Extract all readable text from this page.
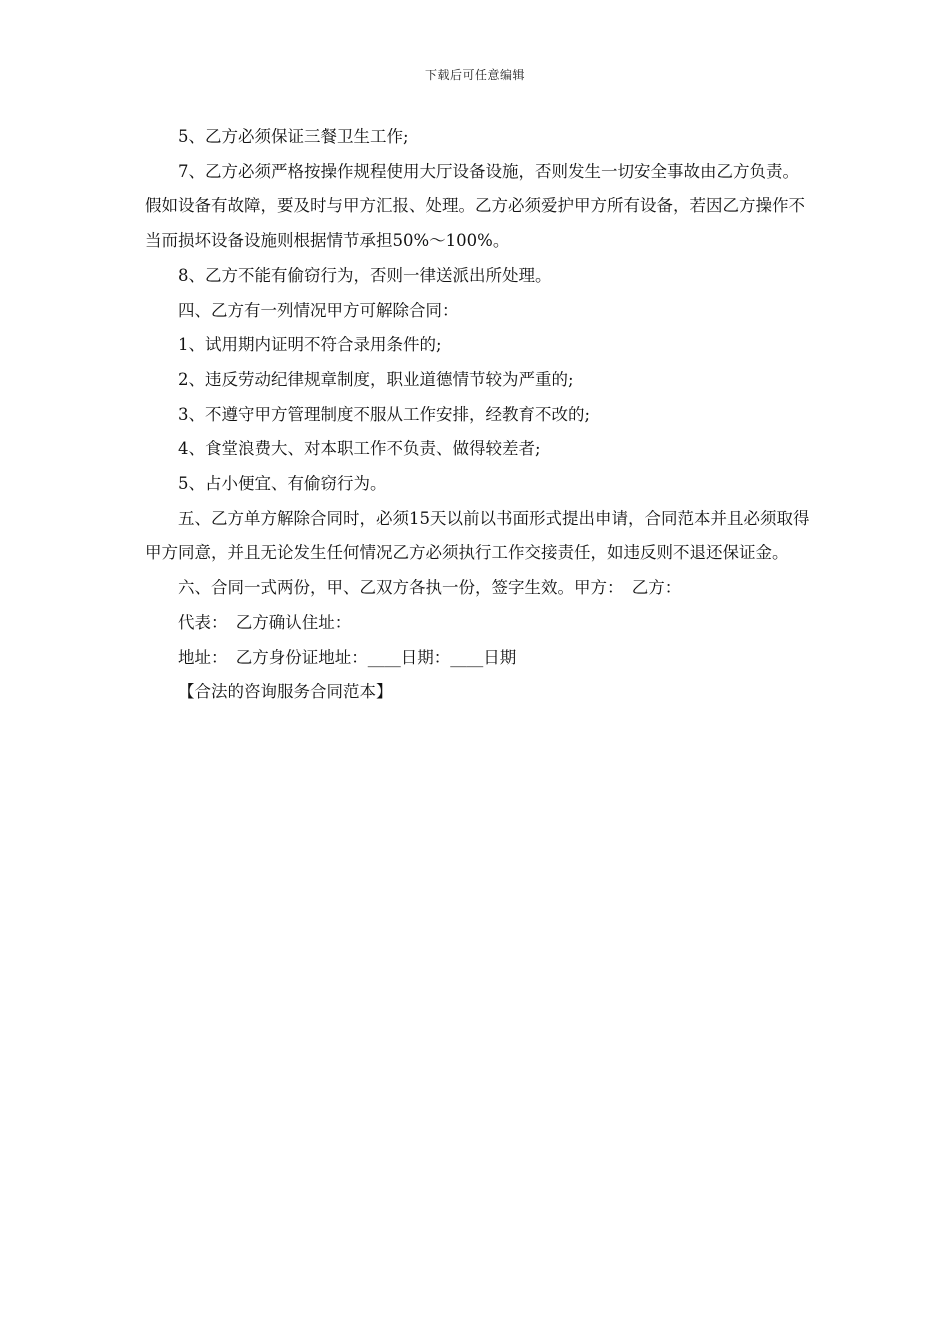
下载后可任意编辑

5、乙方必须保证三餐卫生工作;

7、乙方必须严格按操作规程使用大厅设备设施，否则发生一切安全事故由乙方负责。假如设备有故障，要及时与甲方汇报、处理。乙方必须爱护甲方所有设备，若因乙方操作不当而损坏设备设施则根据情节承担50%～100%。

8、乙方不能有偷窃行为，否则一律送派出所处理。

四、乙方有一列情况甲方可解除合同：

1、试用期内证明不符合录用条件的;

2、违反劳动纪律规章制度，职业道德情节较为严重的;

3、不遵守甲方管理制度不服从工作安排，经教育不改的;

4、食堂浪费大、对本职工作不负责、做得较差者;

5、占小便宜、有偷窃行为。

五、乙方单方解除合同时，必须15天以前以书面形式提出申请，合同范本并且必须取得甲方同意，并且无论发生任何情况乙方必须执行工作交接责任，如违反则不退还保证金。

六、合同一式两份，甲、乙双方各执一份，签字生效。甲方：　乙方：

代表：　乙方确认住址：

地址：　乙方身份证地址：____日期：____日期

【合法的咨询服务合同范本】
